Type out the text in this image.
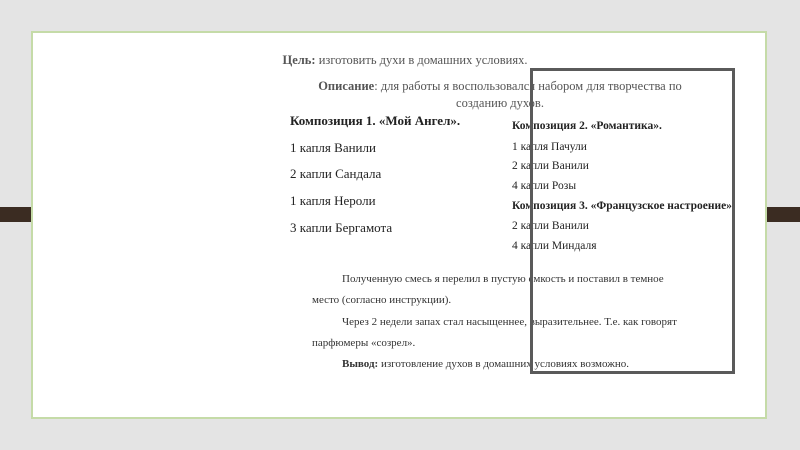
Цель: изготовить духи в домашних условиях.
Описание: для работы я воспользовался набором для творчества по
созданию духов.
Композиция 1. «Мой Ангел».
1 капля Ванили
2 капли Сандала
1 капля Нероли
3 капли Бергамота
Композиция 2. «Романтика».
1 капля Пачули
2 капли Ванили
4 капли Розы
Композиция 3. «Французское настроение».
2 капли Ванили
4 капли Миндаля
Полученную смесь я перелил в пустую емкость и поставил в темное
место (согласно инструкции).
Через 2 недели запах стал насыщеннее, выразительнее. Т.е. как говорят
парфюмеры «созрел».
Вывод: изготовление духов в домашних условиях возможно.
